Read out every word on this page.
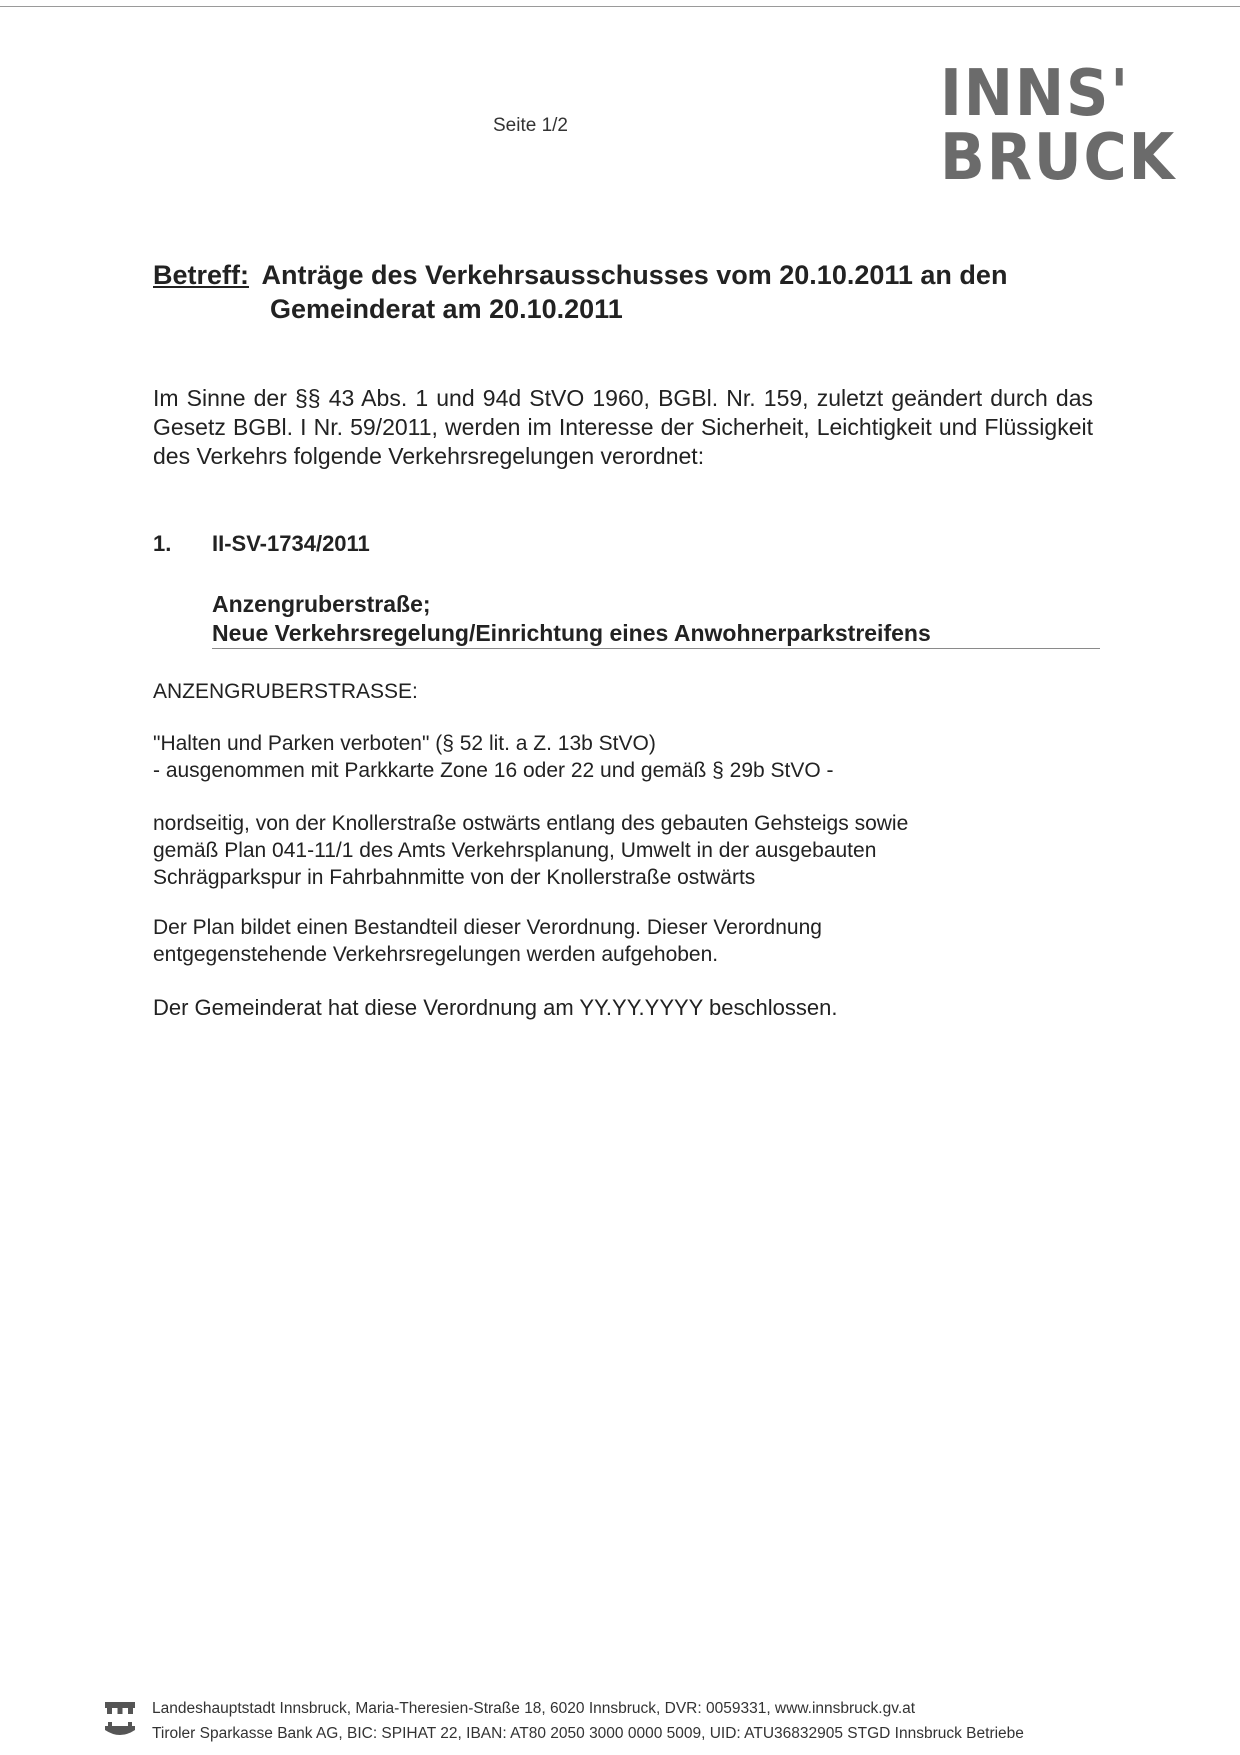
Seite 1/2	INNS'
BRUCK
Betreff: Anträge des Verkehrsausschusses vom 20.10.2011 an den
Gemeinderat am 20.10.2011
Im Sinne der §§ 43 Abs. 1 und 94d StVO 1960, BGBl. Nr. 159, zuletzt geändert durch das Gesetz BGBl. I Nr. 59/2011, werden im Interesse der Sicherheit, Leichtigkeit und Flüssigkeit des Verkehrs folgende Verkehrsregelungen verordnet:
1. II-SV-1734/2011
Anzengruberstraße;
Neue Verkehrsregelung/Einrichtung eines Anwohnerparkstreifens
ANZENGRUBERSTRASSE:
"Halten und Parken verboten" (§ 52 lit. a Z. 13b StVO)
- ausgenommen mit Parkkarte Zone 16 oder 22 und gemäß § 29b StVO -
nordseitig, von der Knollerstraße ostwärts entlang des gebauten Gehsteigs sowie
gemäß Plan 041-11/1 des Amts Verkehrsplanung, Umwelt in der ausgebauten
Schrägparkspur in Fahrbahnmitte von der Knollerstraße ostwärts
Der Plan bildet einen Bestandteil dieser Verordnung. Dieser Verordnung
entgegenstehende Verkehrsregelungen werden aufgehoben.
Der Gemeinderat hat diese Verordnung am YY.YY.YYYY beschlossen.
Landeshauptstadt Innsbruck, Maria-Theresien-Straße 18, 6020 Innsbruck, DVR: 0059331, www.innsbruck.gv.at
Tiroler Sparkasse Bank AG, BIC: SPIHAT 22, IBAN: AT80 2050 3000 0000 5009, UID: ATU36832905 STGD Innsbruck Betriebe
